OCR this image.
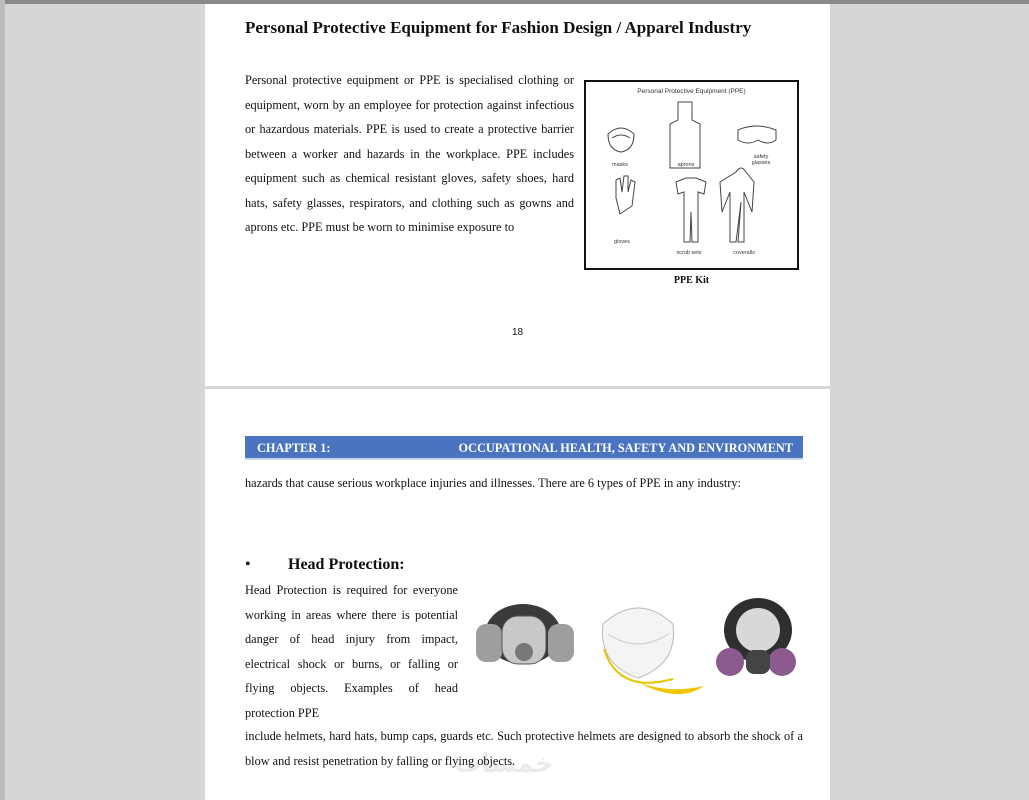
Personal Protective Equipment for Fashion Design / Apparel Industry
Personal protective equipment or PPE is specialised clothing or equipment, worn by an employee for protection against infectious or hazardous materials. PPE is used to create a protective barrier between a worker and hazards in the workplace. PPE includes equipment such as chemical resistant gloves, safety shoes, hard hats, safety glasses, respirators, and clothing such as gowns and aprons etc. PPE must be worn to minimise exposure to
Personal Protective Equipment (PPE)
masks	aprons
safety glasses
gloves
scrub sets	coveralls
PPE Kit
18
CHAPTER 1:	OCCUPATIONAL HEALTH, SAFETY AND ENVIRONMENT
hazards that cause serious workplace injuries and illnesses. There are 6 types of PPE in any industry:
• Head Protection:
Head Protection is required for everyone working in areas where there is potential danger of head injury from impact, electrical shock or burns, or falling or flying objects. Examples of head protection PPE
include helmets, hard hats, bump caps, guards etc. Such protective helmets are designed to absorb the shock of a blow and resist penetration by falling or flying objects.
خمسات
